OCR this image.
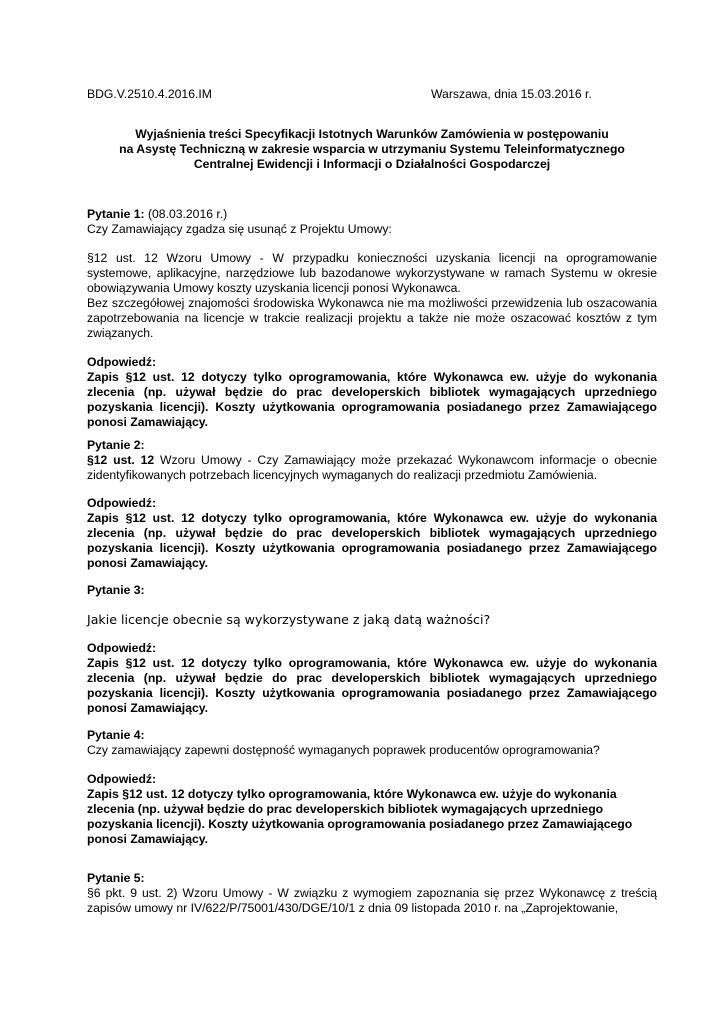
BDG.V.2510.4.2016.IM	Warszawa, dnia 15.03.2016 r.
Wyjaśnienia treści Specyfikacji Istotnych Warunków Zamówienia w postępowaniu
na Asystę Techniczną w zakresie wsparcia w utrzymaniu Systemu Teleinformatycznego
Centralnej Ewidencji i Informacji o Działalności Gospodarczej
Pytanie 1: (08.03.2016 r.)
Czy Zamawiający zgadza się usunąć z Projektu Umowy:
§12 ust. 12 Wzoru Umowy - W przypadku konieczności uzyskania licencji na oprogramowanie systemowe, aplikacyjne, narzędziowe lub bazodanowe wykorzystywane w ramach Systemu w okresie obowiązywania Umowy koszty uzyskania licencji ponosi Wykonawca.
Bez szczegółowej znajomości środowiska Wykonawca nie ma możliwości przewidzenia lub oszacowania zapotrzebowania na licencje w trakcie realizacji projektu a także nie może oszacować kosztów z tym związanych.
Odpowiedź:
Zapis §12 ust. 12 dotyczy tylko oprogramowania, które Wykonawca ew. użyje do wykonania zlecenia (np. używał będzie do prac developerskich bibliotek wymagających uprzedniego pozyskania licencji). Koszty użytkowania oprogramowania posiadanego przez Zamawiającego ponosi Zamawiający.
Pytanie 2:
§12 ust. 12 Wzoru Umowy - Czy Zamawiający może przekazać Wykonawcom informacje o obecnie zidentyfikowanych potrzebach licencyjnych wymaganych do realizacji przedmiotu Zamówienia.
Odpowiedź:
Zapis §12 ust. 12 dotyczy tylko oprogramowania, które Wykonawca ew. użyje do wykonania zlecenia (np. używał będzie do prac developerskich bibliotek wymagających uprzedniego pozyskania licencji). Koszty użytkowania oprogramowania posiadanego przez Zamawiającego ponosi Zamawiający.
Pytanie 3:
Jakie licencje obecnie są wykorzystywane z jaką datą ważności?
Odpowiedź:
Zapis §12 ust. 12 dotyczy tylko oprogramowania, które Wykonawca ew. użyje do wykonania zlecenia (np. używał będzie do prac developerskich bibliotek wymagających uprzedniego pozyskania licencji). Koszty użytkowania oprogramowania posiadanego przez Zamawiającego ponosi Zamawiający.
Pytanie 4:
Czy zamawiający zapewni dostępność wymaganych poprawek producentów oprogramowania?
Odpowiedź:
Zapis §12 ust. 12 dotyczy tylko oprogramowania, które Wykonawca ew. użyje do wykonania
zlecenia (np. używał będzie do prac developerskich bibliotek wymagających uprzedniego
pozyskania licencji). Koszty użytkowania oprogramowania posiadanego przez Zamawiającego
ponosi Zamawiający.
Pytanie 5:
§6 pkt. 9 ust. 2) Wzoru Umowy - W związku z wymogiem zapoznania się przez Wykonawcę z treścią zapisów umowy nr IV/622/P/75001/430/DGE/10/1 z dnia 09 listopada 2010 r. na „Zaprojektowanie,
